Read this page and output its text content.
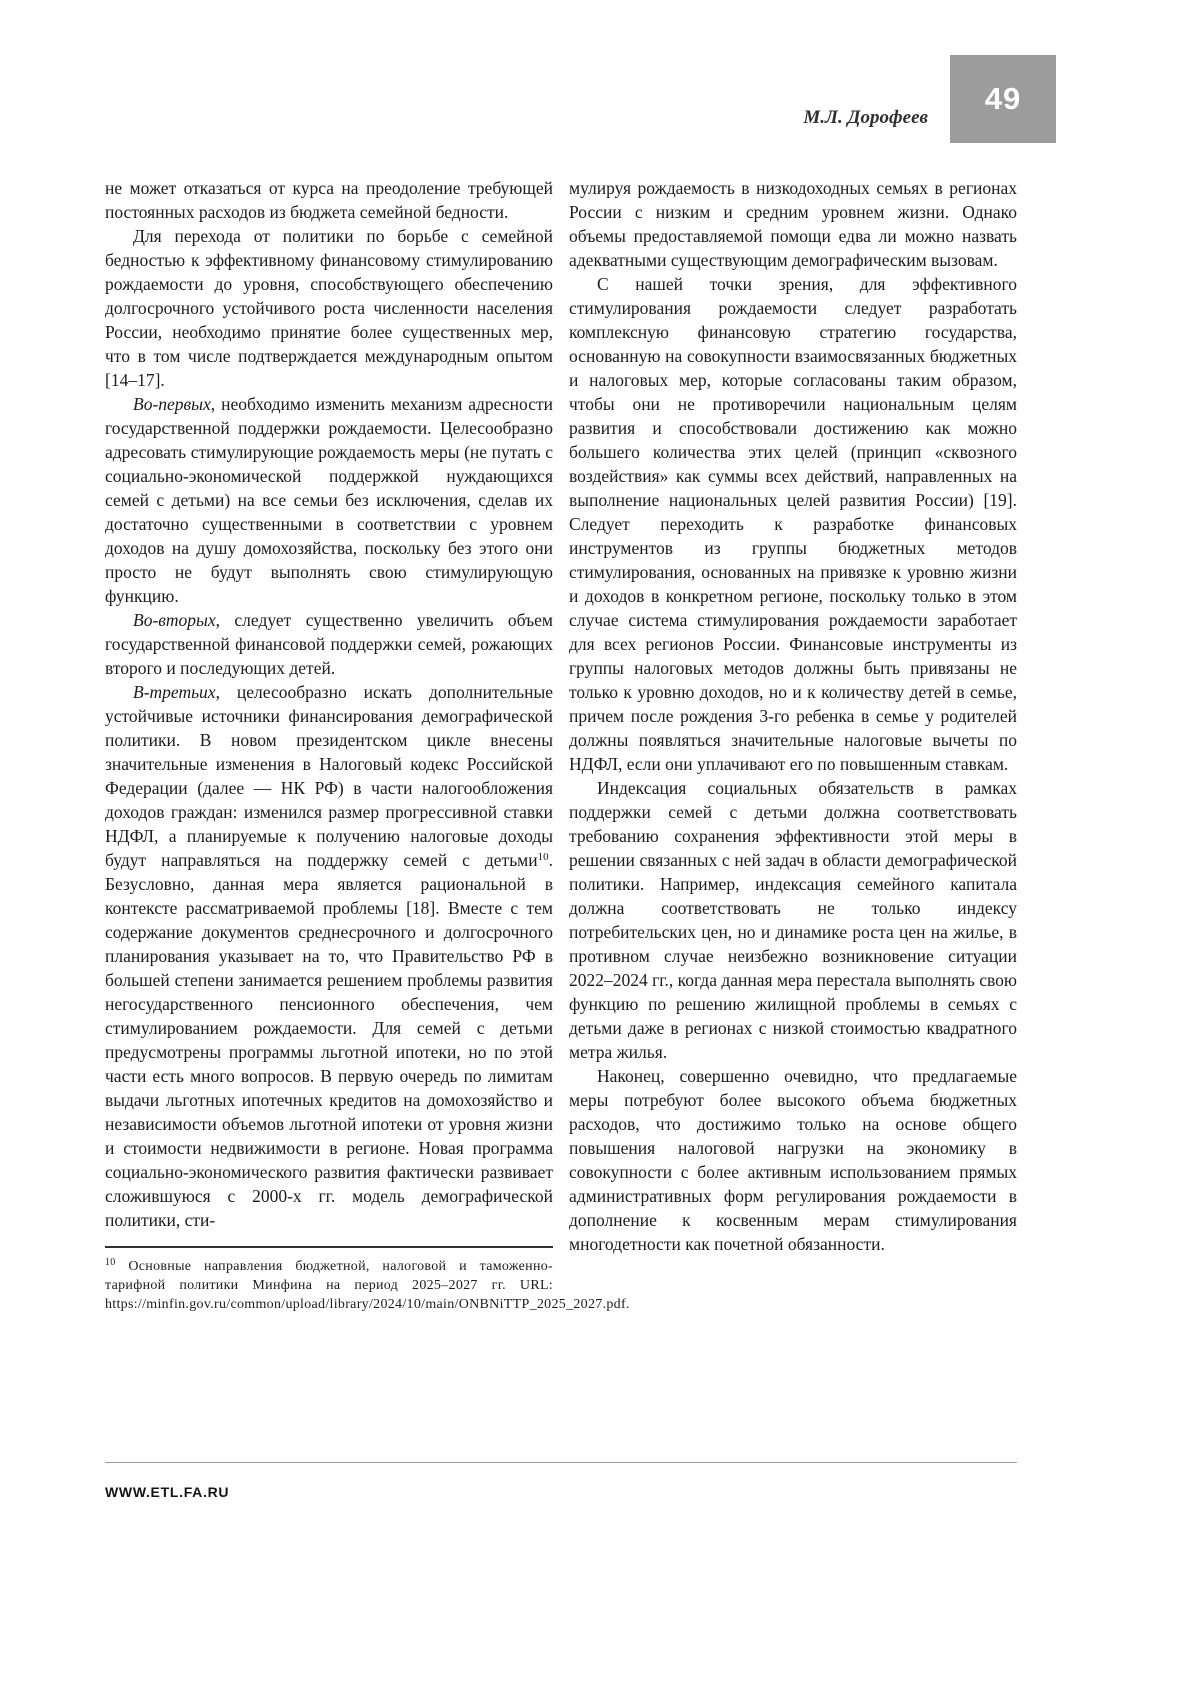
М.Л. Дорофеев
49

не может отказаться от курса на преодоление требующей постоянных расходов из бюджета семейной бедности.

Для перехода от политики по борьбе с семейной бедностью к эффективному финансовому стимулированию рождаемости до уровня, способствующего обеспечению долгосрочного устойчивого роста численности населения России, необходимо принятие более существенных мер, что в том числе подтверждается международным опытом [14–17].

Во-первых, необходимо изменить механизм адресности государственной поддержки рождаемости. Целесообразно адресовать стимулирующие рождаемость меры (не путать с социально-экономической поддержкой нуждающихся семей с детьми) на все семьи без исключения, сделав их достаточно существенными в соответствии с уровнем доходов на душу домохозяйства, поскольку без этого они просто не будут выполнять свою стимулирующую функцию.

Во-вторых, следует существенно увеличить объем государственной финансовой поддержки семей, рожающих второго и последующих детей.

В-третьих, целесообразно искать дополнительные устойчивые источники финансирования демографической политики. В новом президентском цикле внесены значительные изменения в Налоговый кодекс Российской Федерации (далее — НК РФ) в части налогообложения доходов граждан: изменился размер прогрессивной ставки НДФЛ, а планируемые к получению налоговые доходы будут направляться на поддержку семей с детьми$^{10}$. Безусловно, данная мера является рациональной в контексте рассматриваемой проблемы [18]. Вместе с тем содержание документов среднесрочного и долгосрочного планирования указывает на то, что Правительство РФ в большей степени занимается решением проблемы развития негосударственного пенсионного обеспечения, чем стимулированием рождаемости. Для семей с детьми предусмотрены программы льготной ипотеки, но по этой части есть много вопросов. В первую очередь по лимитам выдачи льготных ипотечных кредитов на домохозяйство и независимости объемов льготной ипотеки от уровня жизни и стоимости недвижимости в регионе. Новая программа социально-экономического развития фактически развивает сложившуюся с 2000-х гг. модель демографической политики, сти-

$^{10}$ Основные направления бюджетной, налоговой и таможенно-тарифной политики Минфина на период 2025–2027 гг. URL: https://minfin.gov.ru/common/upload/library/2024/10/main/ONBNiTTP_2025_2027.pdf.

мулируя рождаемость в низкодоходных семьях в регионах России с низким и средним уровнем жизни. Однако объемы предоставляемой помощи едва ли можно назвать адекватными существующим демографическим вызовам.

С нашей точки зрения, для эффективного стимулирования рождаемости следует разработать комплексную финансовую стратегию государства, основанную на совокупности взаимосвязанных бюджетных и налоговых мер, которые согласованы таким образом, чтобы они не противоречили национальным целям развития и способствовали достижению как можно большего количества этих целей (принцип «сквозного воздействия» как суммы всех действий, направленных на выполнение национальных целей развития России) [19]. Следует переходить к разработке финансовых инструментов из группы бюджетных методов стимулирования, основанных на привязке к уровню жизни и доходов в конкретном регионе, поскольку только в этом случае система стимулирования рождаемости заработает для всех регионов России. Финансовые инструменты из группы налоговых методов должны быть привязаны не только к уровню доходов, но и к количеству детей в семье, причем после рождения 3-го ребенка в семье у родителей должны появляться значительные налоговые вычеты по НДФЛ, если они уплачивают его по повышенным ставкам.

Индексация социальных обязательств в рамках поддержки семей с детьми должна соответствовать требованию сохранения эффективности этой меры в решении связанных с ней задач в области демографической политики. Например, индексация семейного капитала должна соответствовать не только индексу потребительских цен, но и динамике роста цен на жилье, в противном случае неизбежно возникновение ситуации 2022–2024 гг., когда данная мера перестала выполнять свою функцию по решению жилищной проблемы в семьях с детьми даже в регионах с низкой стоимостью квадратного метра жилья.

Наконец, совершенно очевидно, что предлагаемые меры потребуют более высокого объема бюджетных расходов, что достижимо только на основе общего повышения налоговой нагрузки на экономику в совокупности с более активным использованием прямых административных форм регулирования рождаемости в дополнение к косвенным мерам стимулирования многодетности как почетной обязанности.

WWW.ETL.FA.RU
